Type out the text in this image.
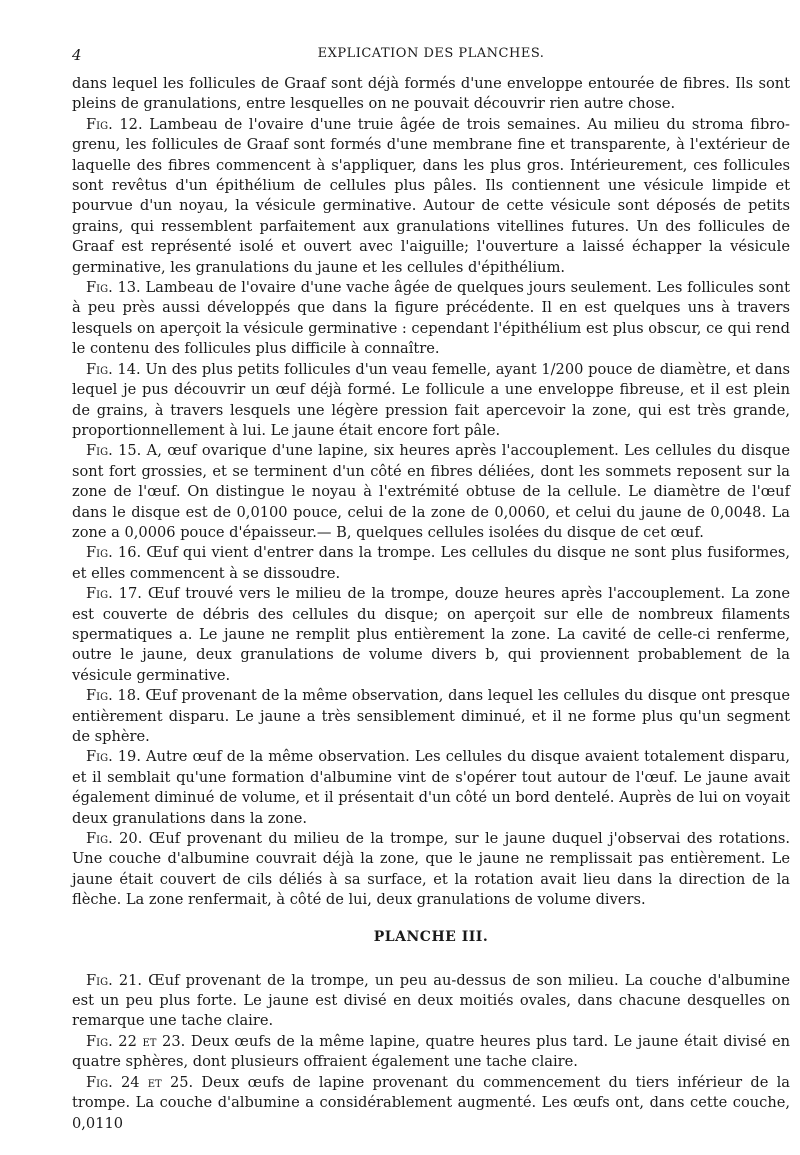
4	EXPLICATION DES PLANCHES.

dans lequel les follicules de Graaf sont déjà formés d'une enveloppe entourée de fibres. Ils sont pleins de granulations, entre lesquelles on ne pouvait découvrir rien autre chose.

Fig. 12. Lambeau de l'ovaire d'une truie âgée de trois semaines. Au milieu du stroma fibro-grenu, les follicules de Graaf sont formés d'une membrane fine et transparente, à l'extérieur de laquelle des fibres commencent à s'appliquer, dans les plus gros. Intérieurement, ces follicules sont revêtus d'un épithélium de cellules plus pâles. Ils contiennent une vésicule limpide et pourvue d'un noyau, la vésicule germinative. Autour de cette vésicule sont déposés de petits grains, qui ressemblent parfaitement aux granulations vitellines futures. Un des follicules de Graaf est représenté isolé et ouvert avec l'aiguille; l'ouverture a laissé échapper la vésicule germinative, les granulations du jaune et les cellules d'épithélium.

Fig. 13. Lambeau de l'ovaire d'une vache âgée de quelques jours seulement. Les follicules sont à peu près aussi développés que dans la figure précédente. Il en est quelques uns à travers lesquels on aperçoit la vésicule germinative : cependant l'épithélium est plus obscur, ce qui rend le contenu des follicules plus difficile à connaître.

Fig. 14. Un des plus petits follicules d'un veau femelle, ayant 1/200 pouce de diamètre, et dans lequel je pus découvrir un œuf déjà formé. Le follicule a une enveloppe fibreuse, et il est plein de grains, à travers lesquels une légère pression fait apercevoir la zone, qui est très grande, proportionnellement à lui. Le jaune était encore fort pâle.

Fig. 15. A, œuf ovarique d'une lapine, six heures après l'accouplement. Les cellules du disque sont fort grossies, et se terminent d'un côté en fibres déliées, dont les sommets reposent sur la zone de l'œuf. On distingue le noyau à l'extrémité obtuse de la cellule. Le diamètre de l'œuf dans le disque est de 0,0100 pouce, celui de la zone de 0,0060, et celui du jaune de 0,0048. La zone a 0,0006 pouce d'épaisseur.— B, quelques cellules isolées du disque de cet œuf.

Fig. 16. Œuf qui vient d'entrer dans la trompe. Les cellules du disque ne sont plus fusiformes, et elles commencent à se dissoudre.

Fig. 17. Œuf trouvé vers le milieu de la trompe, douze heures après l'accouplement. La zone est couverte de débris des cellules du disque; on aperçoit sur elle de nombreux filaments spermatiques a. Le jaune ne remplit plus entièrement la zone. La cavité de celle-ci renferme, outre le jaune, deux granulations de volume divers b, qui proviennent probablement de la vésicule germinative.

Fig. 18. Œuf provenant de la même observation, dans lequel les cellules du disque ont presque entièrement disparu. Le jaune a très sensiblement diminué, et il ne forme plus qu'un segment de sphère.

Fig. 19. Autre œuf de la même observation. Les cellules du disque avaient totalement disparu, et il semblait qu'une formation d'albumine vint de s'opérer tout autour de l'œuf. Le jaune avait également diminué de volume, et il présentait d'un côté un bord dentelé. Auprès de lui on voyait deux granulations dans la zone.

Fig. 20. Œuf provenant du milieu de la trompe, sur le jaune duquel j'observai des rotations. Une couche d'albumine couvrait déjà la zone, que le jaune ne remplissait pas entièrement. Le jaune était couvert de cils déliés à sa surface, et la rotation avait lieu dans la direction de la flèche. La zone renfermait, à côté de lui, deux granulations de volume divers.

PLANCHE III.

Fig. 21. Œuf provenant de la trompe, un peu au-dessus de son milieu. La couche d'albumine est un peu plus forte. Le jaune est divisé en deux moitiés ovales, dans chacune desquelles on remarque une tache claire.

Fig. 22 et 23. Deux œufs de la même lapine, quatre heures plus tard. Le jaune était divisé en quatre sphères, dont plusieurs offraient également une tache claire.

Fig. 24 et 25. Deux œufs de lapine provenant du commencement du tiers inférieur de la trompe. La couche d'albumine a considérablement augmenté. Les œufs ont, dans cette couche, 0,0110
